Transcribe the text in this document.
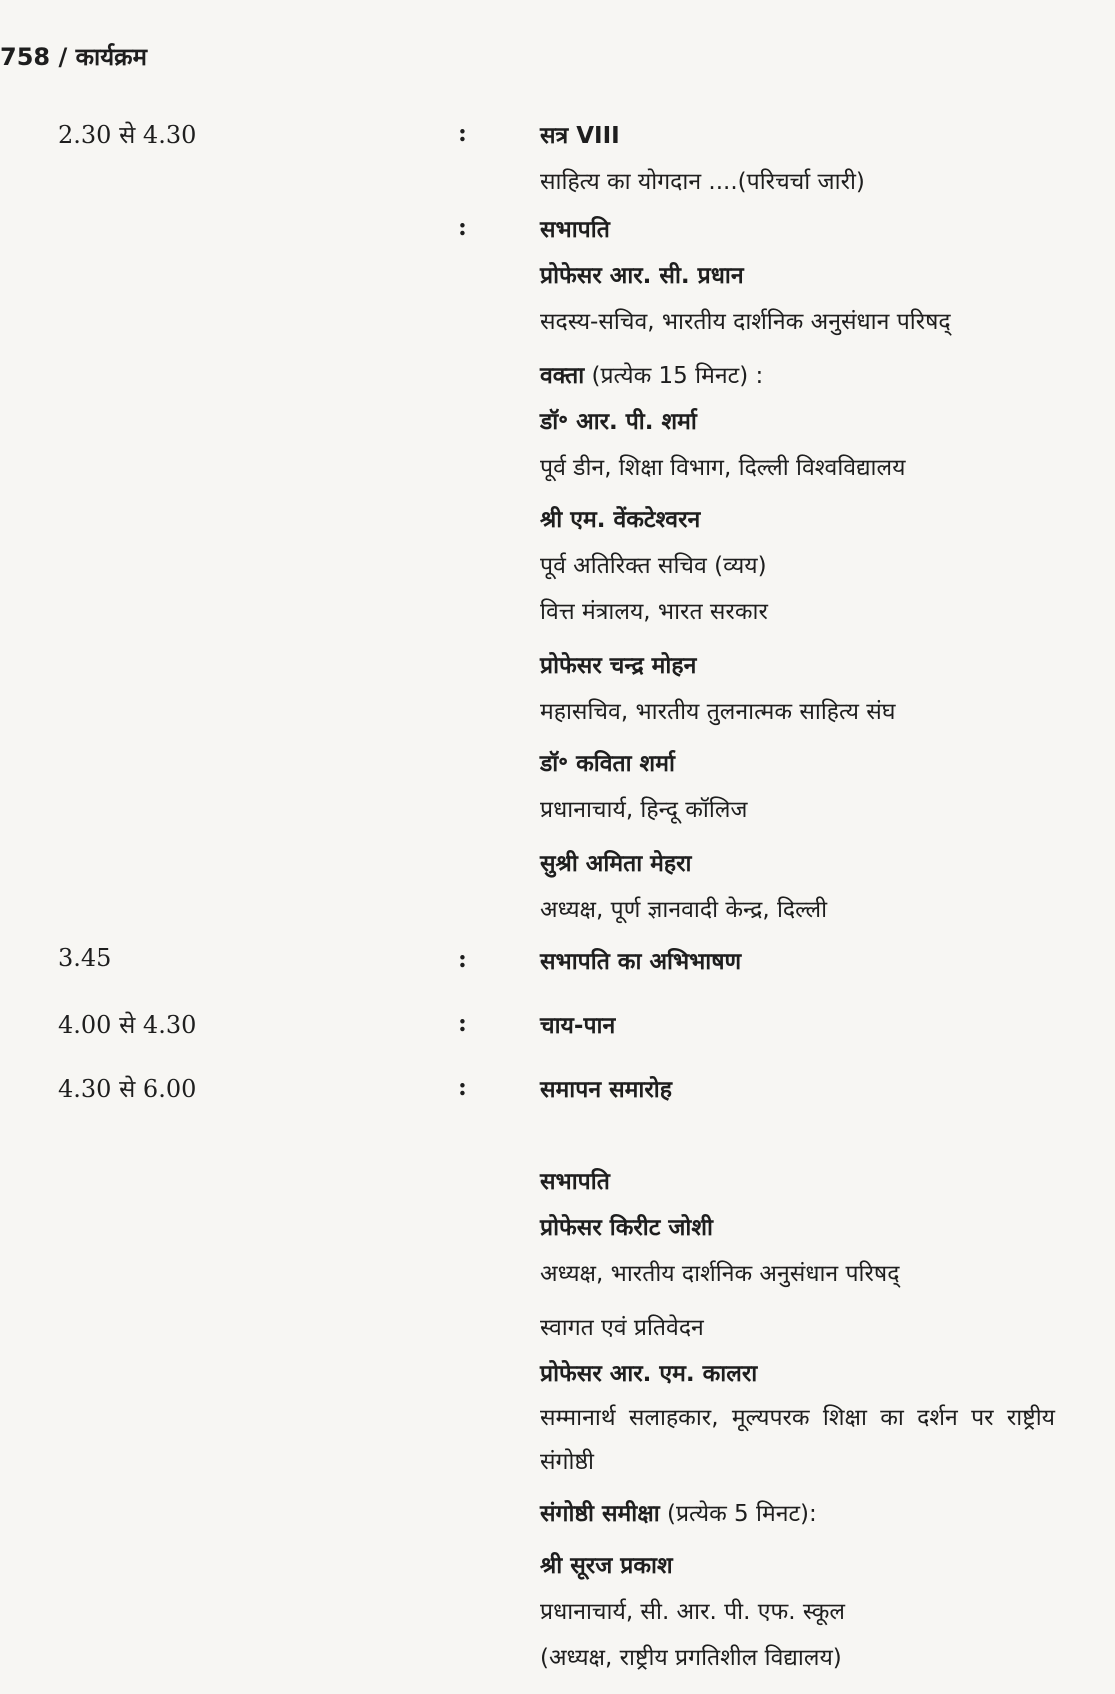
758 / कार्यक्रम
2.30 से 4.30	:	सत्र VIII
साहित्य का योगदान ....(परिचर्चा जारी)
:	सभापति
प्रोफेसर आर. सी. प्रधान
सदस्य-सचिव, भारतीय दार्शनिक अनुसंधान परिषद्
वक्ता (प्रत्येक 15 मिनट) :
डॉ॰ आर. पी. शर्मा
पूर्व डीन, शिक्षा विभाग, दिल्ली विश्वविद्यालय
श्री एम. वेंकटेश्वरन
पूर्व अतिरिक्त सचिव (व्यय)
वित्त मंत्रालय, भारत सरकार
प्रोफेसर चन्द्र मोहन
महासचिव, भारतीय तुलनात्मक साहित्य संघ
डॉ॰ कविता शर्मा
प्रधानाचार्य, हिन्दू कॉलिज
सुश्री अमिता मेहरा
अध्यक्ष, पूर्ण ज्ञानवादी केन्द्र, दिल्ली
3.45	:	सभापति का अभिभाषण
4.00 से 4.30	:	चाय-पान
4.30 से 6.00	:	समापन समारोह
सभापति
प्रोफेसर किरीट जोशी
अध्यक्ष, भारतीय दार्शनिक अनुसंधान परिषद्
स्वागत एवं प्रतिवेदन
प्रोफेसर आर. एम. कालरा
सम्मानार्थ सलाहकार, मूल्यपरक शिक्षा का दर्शन पर राष्ट्रीय संगोष्ठी
संगोष्ठी समीक्षा (प्रत्येक 5 मिनट):
श्री सूरज प्रकाश
प्रधानाचार्य, सी. आर. पी. एफ. स्कूल
(अध्यक्ष, राष्ट्रीय प्रगतिशील विद्यालय)
